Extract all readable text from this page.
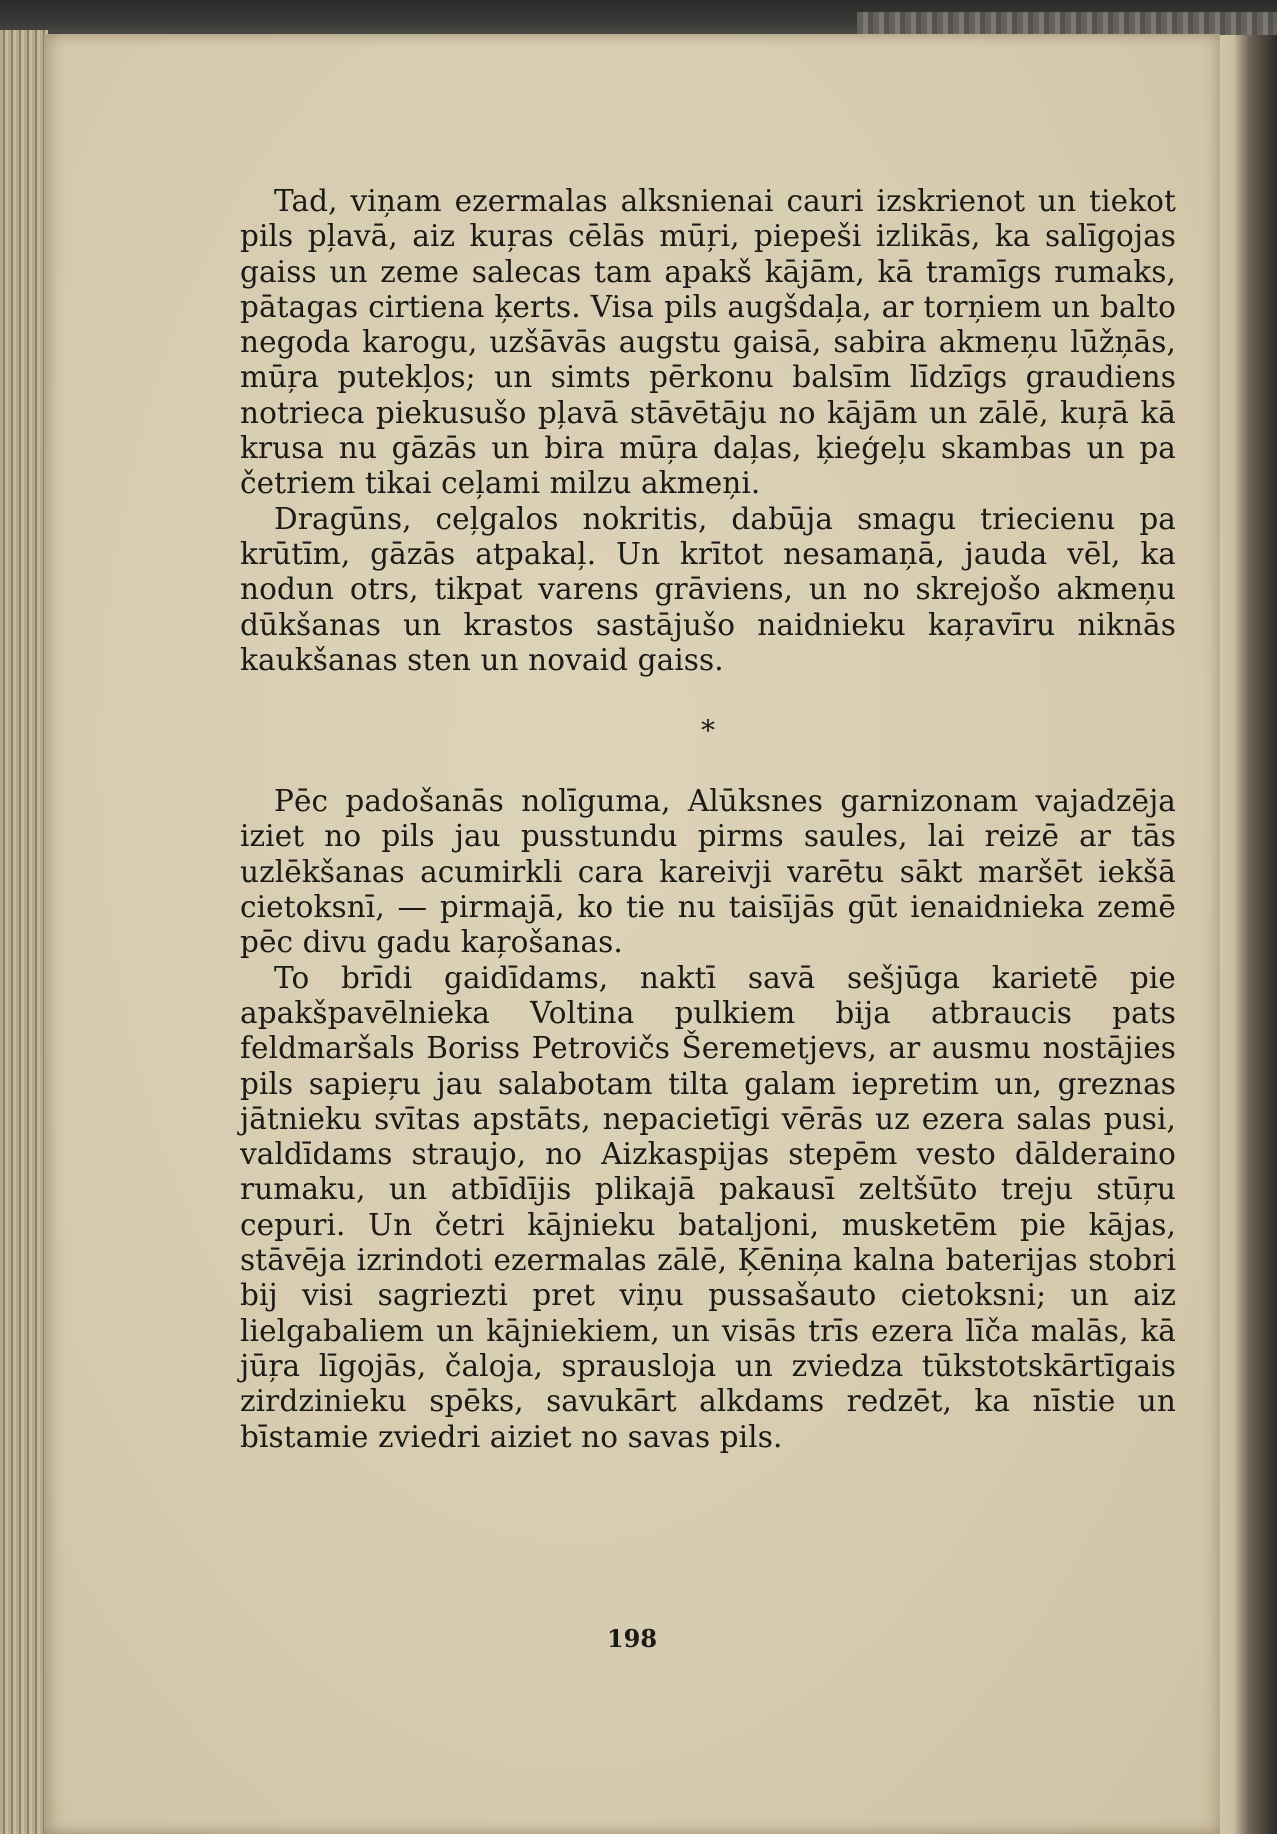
Tad, viņam ezermalas alksnienai cauri izskrienot un tiekot pils pļavā, aiz kuŗas cēlās mūŗi, piepeši izlikās, ka salīgojas gaiss un zeme salecas tam apakš kājām, kā tramīgs rumaks, pātagas cirtiena ķerts. Visa pils augšdaļa, ar torņiem un balto negoda karogu, uzšāvās augstu gaisā, sabira akmeņu lūžņās, mūŗa putekļos; un simts pērkonu balsīm līdzīgs graudiens notrieca piekusušo pļavā stāvētāju no kājām un zālē, kuŗā kā krusa nu gāzās un bira mūŗa daļas, ķieģeļu skambas un pa četriem tikai ceļami milzu akmeņi.

Dragūns, ceļgalos nokritis, dabūja smagu triecienu pa krūtīm, gāzās atpakaļ. Un krītot nesamaņā, jauda vēl, ka nodun otrs, tikpat varens grāviens, un no skrejošo akmeņu dūkšanas un krastos sastājušo naidnieku kaŗavīru niknās kaukšanas sten un novaid gaiss.

*

Pēc padošanās nolīguma, Alūksnes garnizonam vajadzēja iziet no pils jau pusstundu pirms saules, lai reizē ar tās uzlēkšanas acumirkli cara kareivji varētu sākt maršēt iekšā cietoksnī, — pirmajā, ko tie nu taisījās gūt ienaidnieka zemē pēc divu gadu kaŗošanas.

To brīdi gaidīdams, naktī savā sešjūga karietē pie apakšpavēlnieka Voltina pulkiem bija atbraucis pats feldmaršals Boriss Petrovičs Šeremetjevs, ar ausmu nostājies pils sapieŗu jau salabotam tilta galam iepretim un, greznas jātnieku svītas apstāts, nepacietīgi vērās uz ezera salas pusi, valdīdams straujo, no Aizkaspijas stepēm vesto dālderaino rumaku, un atbīdījis plikajā pakausī zeltšūto treju stūŗu cepuri. Un četri kājnieku bataljoni, musketēm pie kājas, stāvēja izrindoti ezermalas zālē, Ķēniņa kalna baterijas stobri bij visi sagriezti pret viņu pussašauto cietoksni; un aiz lielgabaliem un kājniekiem, un visās trīs ezera līča malās, kā jūŗa līgojās, čaloja, sprausloja un zviedza tūkstotskārtīgais zirdzinieku spēks, savukārt alkdams redzēt, ka nīstie un bīstamie zviedri aiziet no savas pils.

198
